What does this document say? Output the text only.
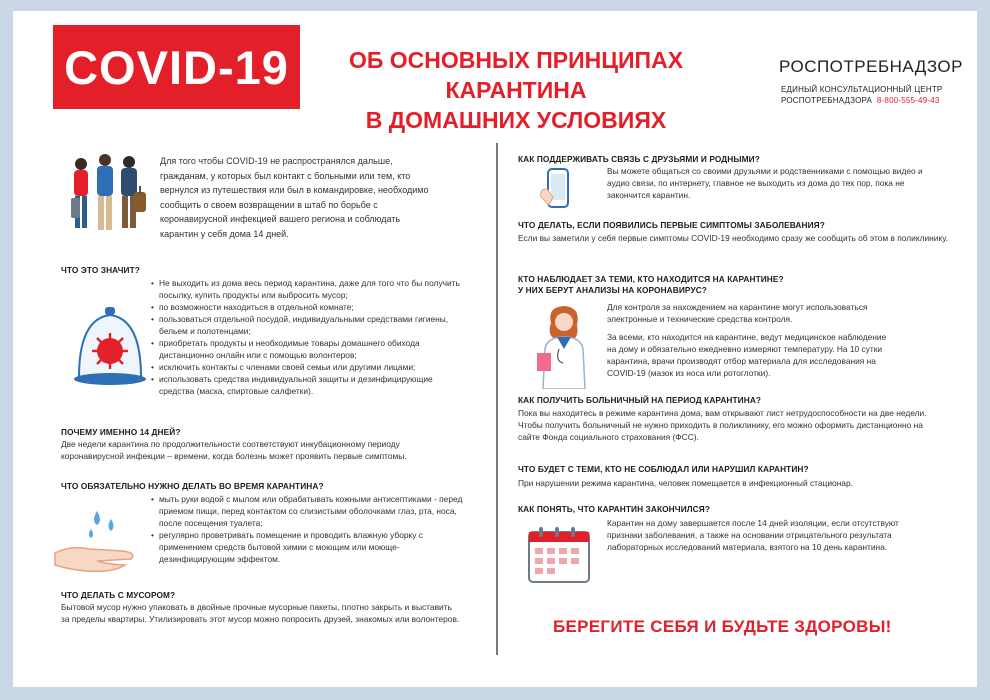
COVID-19	ОБ ОСНОВНЫХ ПРИНЦИПАХ КАРАНТИНА
В ДОМАШНИХ УСЛОВИЯХ
РОСПОТРЕБНАДЗОР
ЕДИНЫЙ КОНСУЛЬТАЦИОННЫЙ ЦЕНТР
РОСПОТРЕБНАДЗОРА 8-800-555-49-43
Для того чтобы COVID-19 не распространялся дальше, гражданам, у которых был контакт с больными или тем, кто вернулся из путешествия или был в командировке, необходимо сообщить о своем возвращении в штаб по борьбе с коронавирусной инфекцией вашего региона и соблюдать карантин у себя дома 14 дней.
ЧТО ЭТО ЗНАЧИТ?
• Не выходить из дома весь период карантина, даже для того что бы получить посылку, купить продукты или выбросить мусор;
• по возможности находиться в отдельной комнате;
• пользоваться отдельной посудой, индивидуальными средствами гигиены, бельем и полотенцами;
• приобретать продукты и необходимые товары домашнего обихода дистанционно онлайн или с помощью волонтеров;
• исключить контакты с членами своей семьи или другими лицами;
• использовать средства индивидуальной защиты и дезинфицирующие средства (маска, спиртовые салфетки).
ПОЧЕМУ ИМЕННО 14 ДНЕЙ?
Две недели карантина по продолжительности соответствуют инкубационному периоду коронавирусной инфекции – времени, когда болезнь может проявить первые симптомы.
ЧТО ОБЯЗАТЕЛЬНО НУЖНО ДЕЛАТЬ ВО ВРЕМЯ КАРАНТИНА?
• мыть руки водой с мылом или обрабатывать кожными антисептиками - перед приемом пищи, перед контактом со слизистыми оболочками глаз, рта, носа, после посещения туалета;
• регулярно проветривать помещение и проводить влажную уборку с применением средств бытовой химии с моющим или моюще-дезинфицирующим эффектом.
ЧТО ДЕЛАТЬ С МУСОРОМ?
Бытовой мусор нужно упаковать в двойные прочные мусорные пакеты, плотно закрыть и выставить за пределы квартиры. Утилизировать этот мусор можно попросить друзей, знакомых или волонтеров.
КАК ПОДДЕРЖИВАТЬ СВЯЗЬ С ДРУЗЬЯМИ И РОДНЫМИ?
Вы можете общаться со своими друзьями и родственниками с помощью видео и аудио связи, по интернету, главное не выходить из дома до тех пор, пока не закончится карантин.
ЧТО ДЕЛАТЬ, ЕСЛИ ПОЯВИЛИСЬ ПЕРВЫЕ СИМПТОМЫ ЗАБОЛЕВАНИЯ?
Если вы заметили у себя первые симптомы COVID-19 необходимо сразу же сообщить об этом в поликлинику.
КТО НАБЛЮДАЕТ ЗА ТЕМИ, КТО НАХОДИТСЯ НА КАРАНТИНЕ?
У НИХ БЕРУТ АНАЛИЗЫ НА КОРОНАВИРУС?
Для контроля за нахождением на карантине могут использоваться электронные и технические средства контроля.
За всеми, кто находится на карантине, ведут медицинское наблюдение на дому и обязательно ежедневно измеряют температуру. На 10 сутки карантина, врачи производят отбор материала для исследования на COVID-19 (мазок из носа или ротоглотки).
КАК ПОЛУЧИТЬ БОЛЬНИЧНЫЙ НА ПЕРИОД КАРАНТИНА?
Пока вы находитесь в режиме карантина дома, вам открывают лист нетрудоспособности на две недели. Чтобы получить больничный не нужно приходить в поликлинику, его можно оформить дистанционно на сайте Фонда социального страхования (ФСС).
ЧТО БУДЕТ С ТЕМИ, КТО НЕ СОБЛЮДАЛ ИЛИ НАРУШИЛ КАРАНТИН?
При нарушении режима карантина, человек помещается в инфекционный стационар.
КАК ПОНЯТЬ, ЧТО КАРАНТИН ЗАКОНЧИЛСЯ?
Карантин на дому завершается после 14 дней изоляции, если отсутствуют признаки заболевания, а также на основании отрицательного результата лабораторных исследований материала, взятого на 10 день карантина.
БЕРЕГИТЕ СЕБЯ И БУДЬТЕ ЗДОРОВЫ!
